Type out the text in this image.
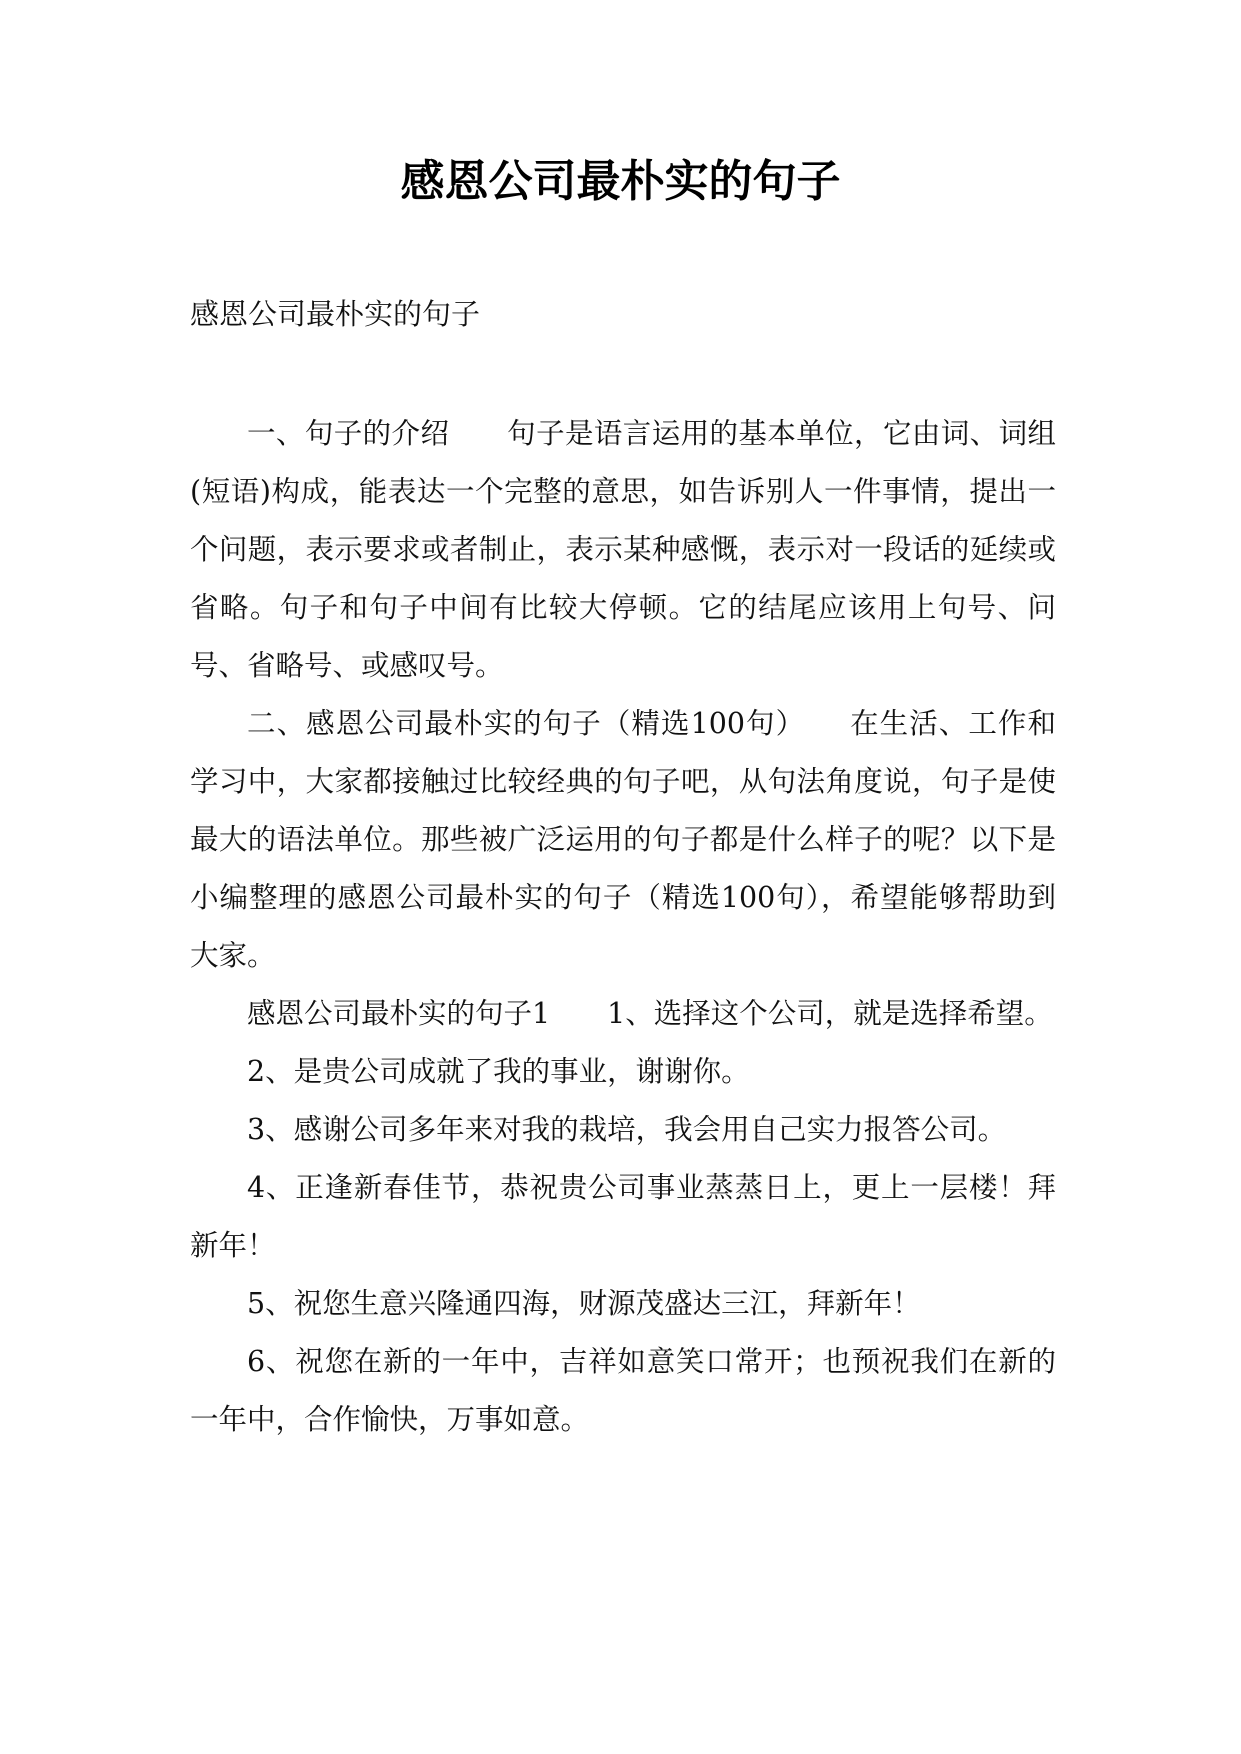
感恩公司最朴实的句子
感恩公司最朴实的句子

一、句子的介绍　　句子是语言运用的基本单位，它由词、词组(短语)构成，能表达一个完整的意思，如告诉别人一件事情，提出一个问题，表示要求或者制止，表示某种感慨，表示对一段话的延续或省略。句子和句子中间有比较大停顿。它的结尾应该用上句号、问号、省略号、或感叹号。

二、感恩公司最朴实的句子（精选100句）　　在生活、工作和学习中，大家都接触过比较经典的句子吧，从句法角度说，句子是使最大的语法单位。那些被广泛运用的句子都是什么样子的呢？以下是小编整理的感恩公司最朴实的句子（精选100句），希望能够帮助到大家。

感恩公司最朴实的句子1　　1、选择这个公司，就是选择希望。

2、是贵公司成就了我的事业，谢谢你。

3、感谢公司多年来对我的栽培，我会用自己实力报答公司。

4、正逢新春佳节，恭祝贵公司事业蒸蒸日上，更上一层楼！拜新年！

5、祝您生意兴隆通四海，财源茂盛达三江，拜新年！

6、祝您在新的一年中，吉祥如意笑口常开；也预祝我们在新的一年中，合作愉快，万事如意。
